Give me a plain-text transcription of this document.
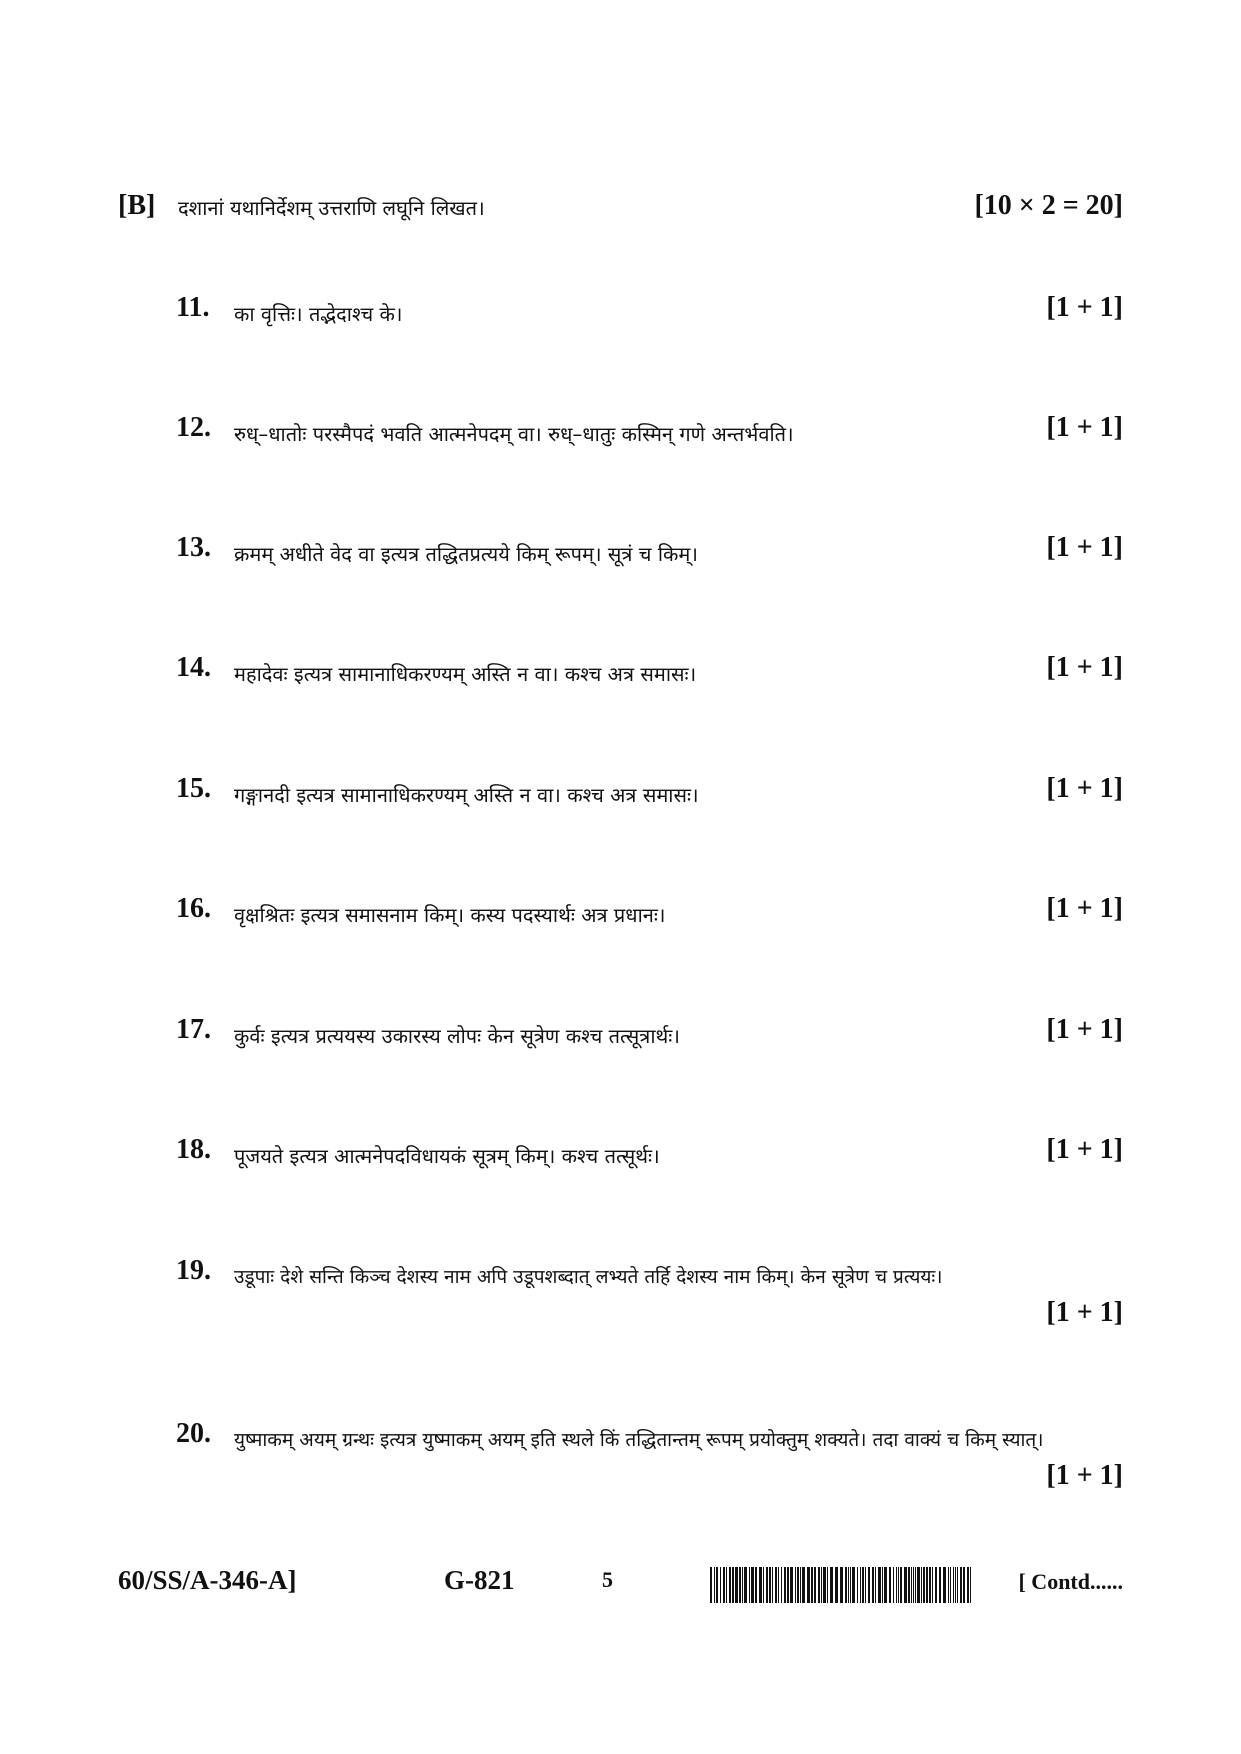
[B] दशानां यथानिर्देशम् उत्तराणि लघूनि लिखत।	[10 × 2 = 20]
11. का वृत्तिः। तद्भेदाश्च के।	[1 + 1]
12. रुध्–धातोः परस्मैपदं भवति आत्मनेपदम् वा। रुध्–धातुः कस्मिन् गणे अन्तर्भवति।	[1 + 1]
13. क्रमम् अधीते वेद वा इत्यत्र तद्धितप्रत्यये किम् रूपम्। सूत्रं च किम्।	[1 + 1]
14. महादेवः इत्यत्र सामानाधिकरण्यम् अस्ति न वा। कश्च अत्र समासः।	[1 + 1]
15. गङ्गानदी इत्यत्र सामानाधिकरण्यम् अस्ति न वा। कश्च अत्र समासः।	[1 + 1]
16. वृक्षश्रितः इत्यत्र समासनाम किम्। कस्य पदस्यार्थः अत्र प्रधानः।	[1 + 1]
17. कुर्वः इत्यत्र प्रत्ययस्य उकारस्य लोपः केन सूत्रेण कश्च तत्सूत्रार्थः।	[1 + 1]
18. पूजयते इत्यत्र आत्मनेपदविधायकं सूत्रम् किम्। कश्च तत्सूर्थः।	[1 + 1]
19. उडूपाः देशे सन्ति किञ्च देशस्य नाम अपि उडूपशब्दात् लभ्यते तर्हि देशस्य नाम किम्। केन सूत्रेण च प्रत्ययः।
[1 + 1]
20. युष्माकम् अयम् ग्रन्थः इत्यत्र युष्माकम् अयम् इति स्थले किं तद्धितान्तम् रूपम् प्रयोक्तुम् शक्यते। तदा वाक्यं च किम् स्यात्।
[1 + 1]
60/SS/A-346-A]	G-821	5	[ Contd......
